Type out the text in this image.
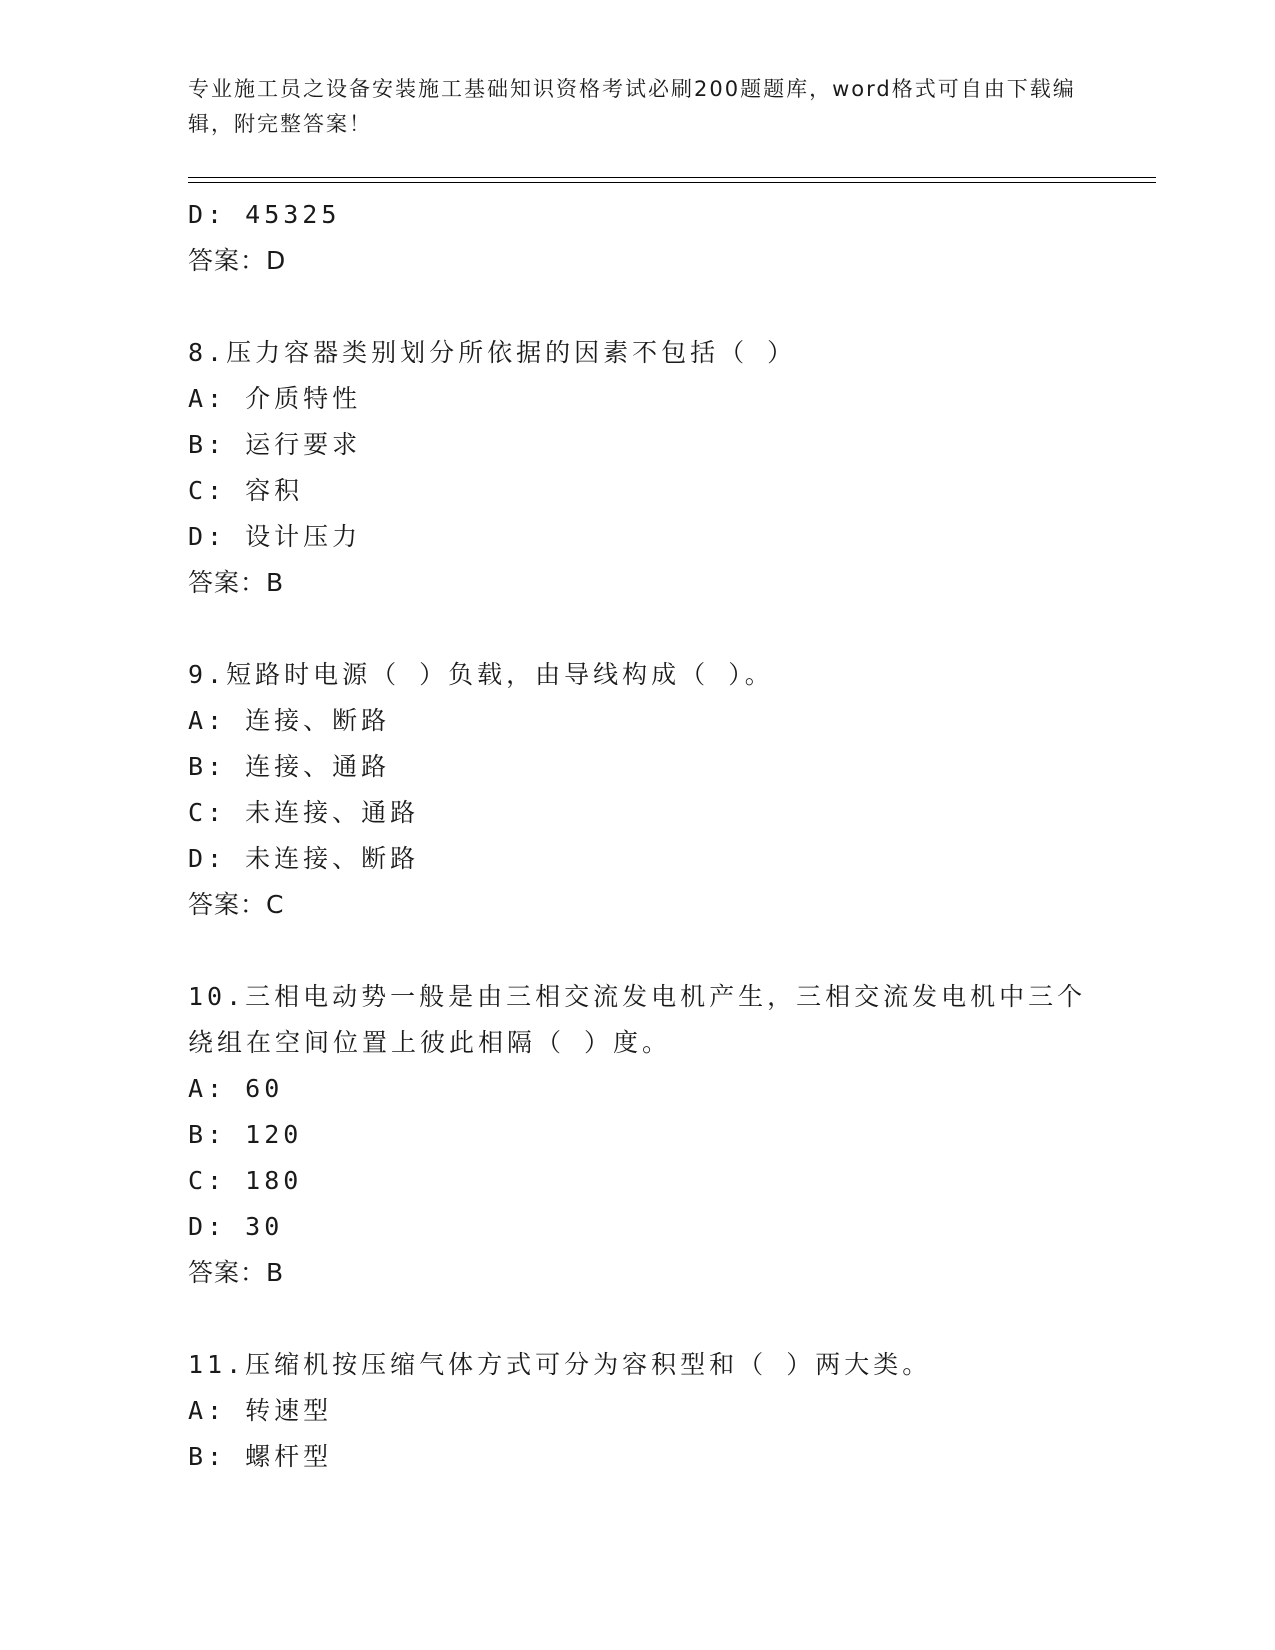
专业施工员之设备安装施工基础知识资格考试必刷200题题库，word格式可自由下载编辑，附完整答案！
D: 45325
答案：D
8.压力容器类别划分所依据的因素不包括（ ）
A: 介质特性
B: 运行要求
C: 容积
D: 设计压力
答案：B
9.短路时电源（ ）负载，由导线构成（ ）。
A: 连接、断路
B: 连接、通路
C: 未连接、通路
D: 未连接、断路
答案：C
10.三相电动势一般是由三相交流发电机产生，三相交流发电机中三个
绕组在空间位置上彼此相隔（ ）度。
A: 60
B: 120
C: 180
D: 30
答案：B
11.压缩机按压缩气体方式可分为容积型和（ ）两大类。
A: 转速型
B: 螺杆型
